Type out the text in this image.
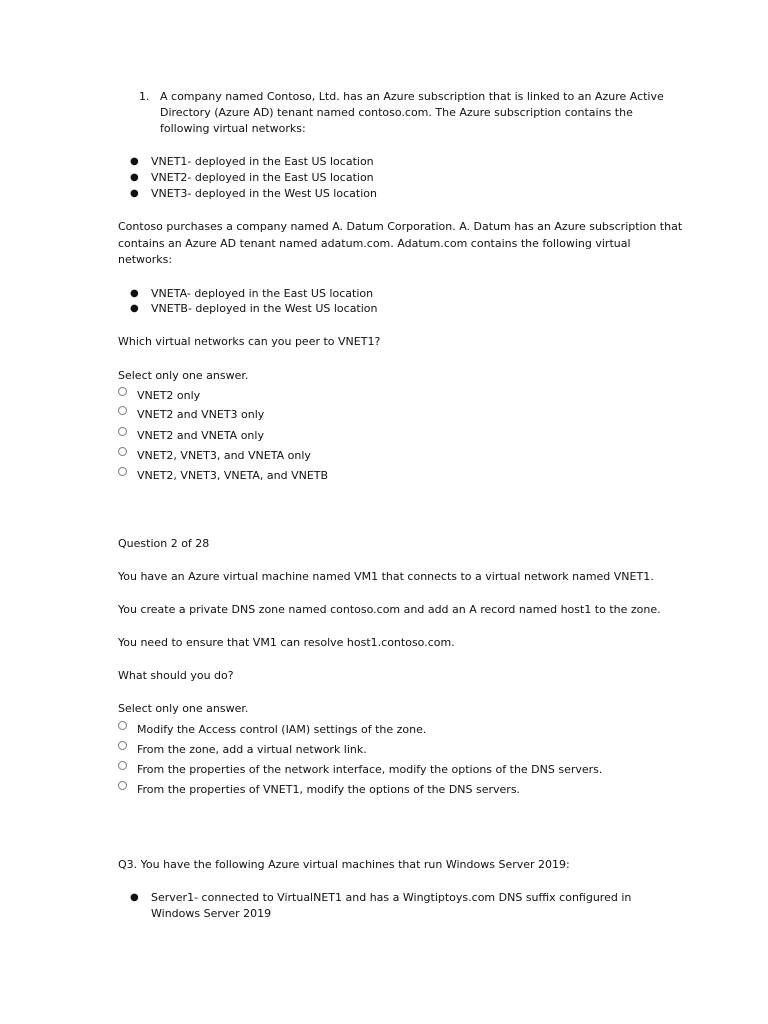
1. A company named Contoso, Ltd. has an Azure subscription that is linked to an Azure Active
Directory (Azure AD) tenant named contoso.com. The Azure subscription contains the
following virtual networks:
● VNET1- deployed in the East US location
● VNET2- deployed in the East US location
● VNET3- deployed in the West US location
Contoso purchases a company named A. Datum Corporation. A. Datum has an Azure subscription that
contains an Azure AD tenant named adatum.com. Adatum.com contains the following virtual
networks:
● VNETA- deployed in the East US location
● VNETB- deployed in the West US location
Which virtual networks can you peer to VNET1?
Select only one answer.
VNET2 only
VNET2 and VNET3 only
VNET2 and VNETA only
VNET2, VNET3, and VNETA only
VNET2, VNET3, VNETA, and VNETB
Question 2 of 28
You have an Azure virtual machine named VM1 that connects to a virtual network named VNET1.
You create a private DNS zone named contoso.com and add an A record named host1 to the zone.
You need to ensure that VM1 can resolve host1.contoso.com.
What should you do?
Select only one answer.
Modify the Access control (IAM) settings of the zone.
From the zone, add a virtual network link.
From the properties of the network interface, modify the options of the DNS servers.
From the properties of VNET1, modify the options of the DNS servers.
Q3. You have the following Azure virtual machines that run Windows Server 2019:
● Server1- connected to VirtualNET1 and has a Wingtiptoys.com DNS suffix configured in
Windows Server 2019
